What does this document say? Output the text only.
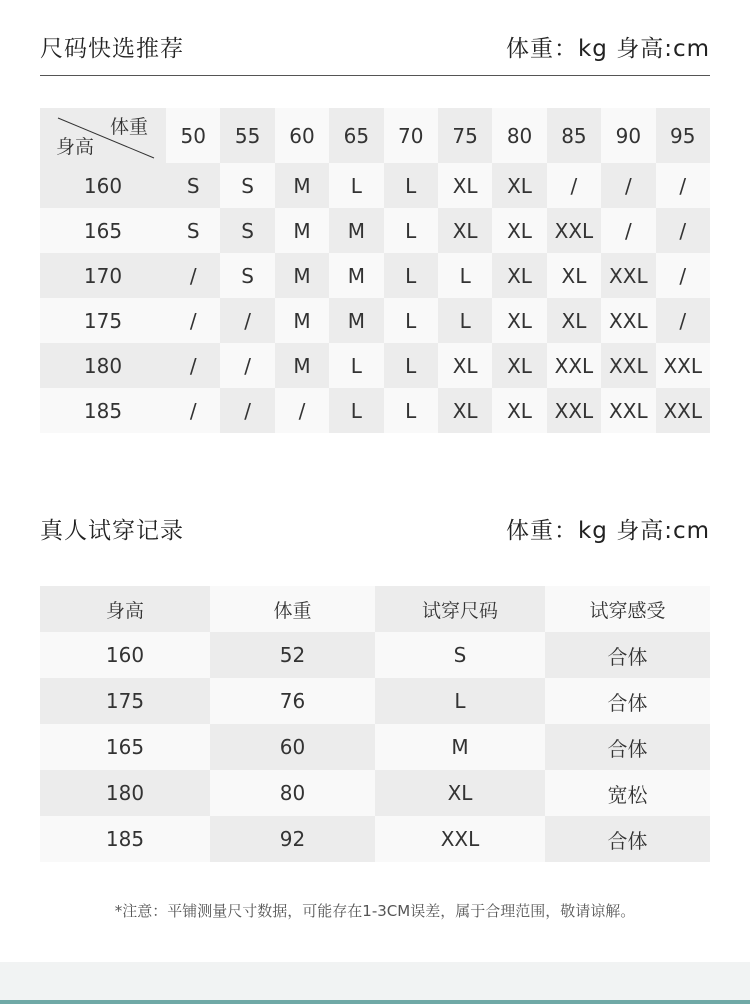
尺码快选推荐	体重：kg 身高:cm
体重
身高	50	55	60	65	70	75	80	85	90	95
160	S	S	M	L	L	XL	XL	/	/	/
165	S	S	M	M	L	XL	XL	XXL	/	/
170	/	S	M	M	L	L	XL	XL	XXL	/
175	/	/	M	M	L	L	XL	XL	XXL	/
180	/	/	M	L	L	XL	XL	XXL	XXL	XXL
185	/	/	/	L	L	XL	XL	XXL	XXL	XXL
真人试穿记录	体重：kg 身高:cm
身高	体重	试穿尺码	试穿感受
160	52	S	合体
175	76	L	合体
165	60	M	合体
180	80	XL	宽松
185	92	XXL	合体
*注意：平铺测量尺寸数据，可能存在1-3CM误差，属于合理范围，敬请谅解。
